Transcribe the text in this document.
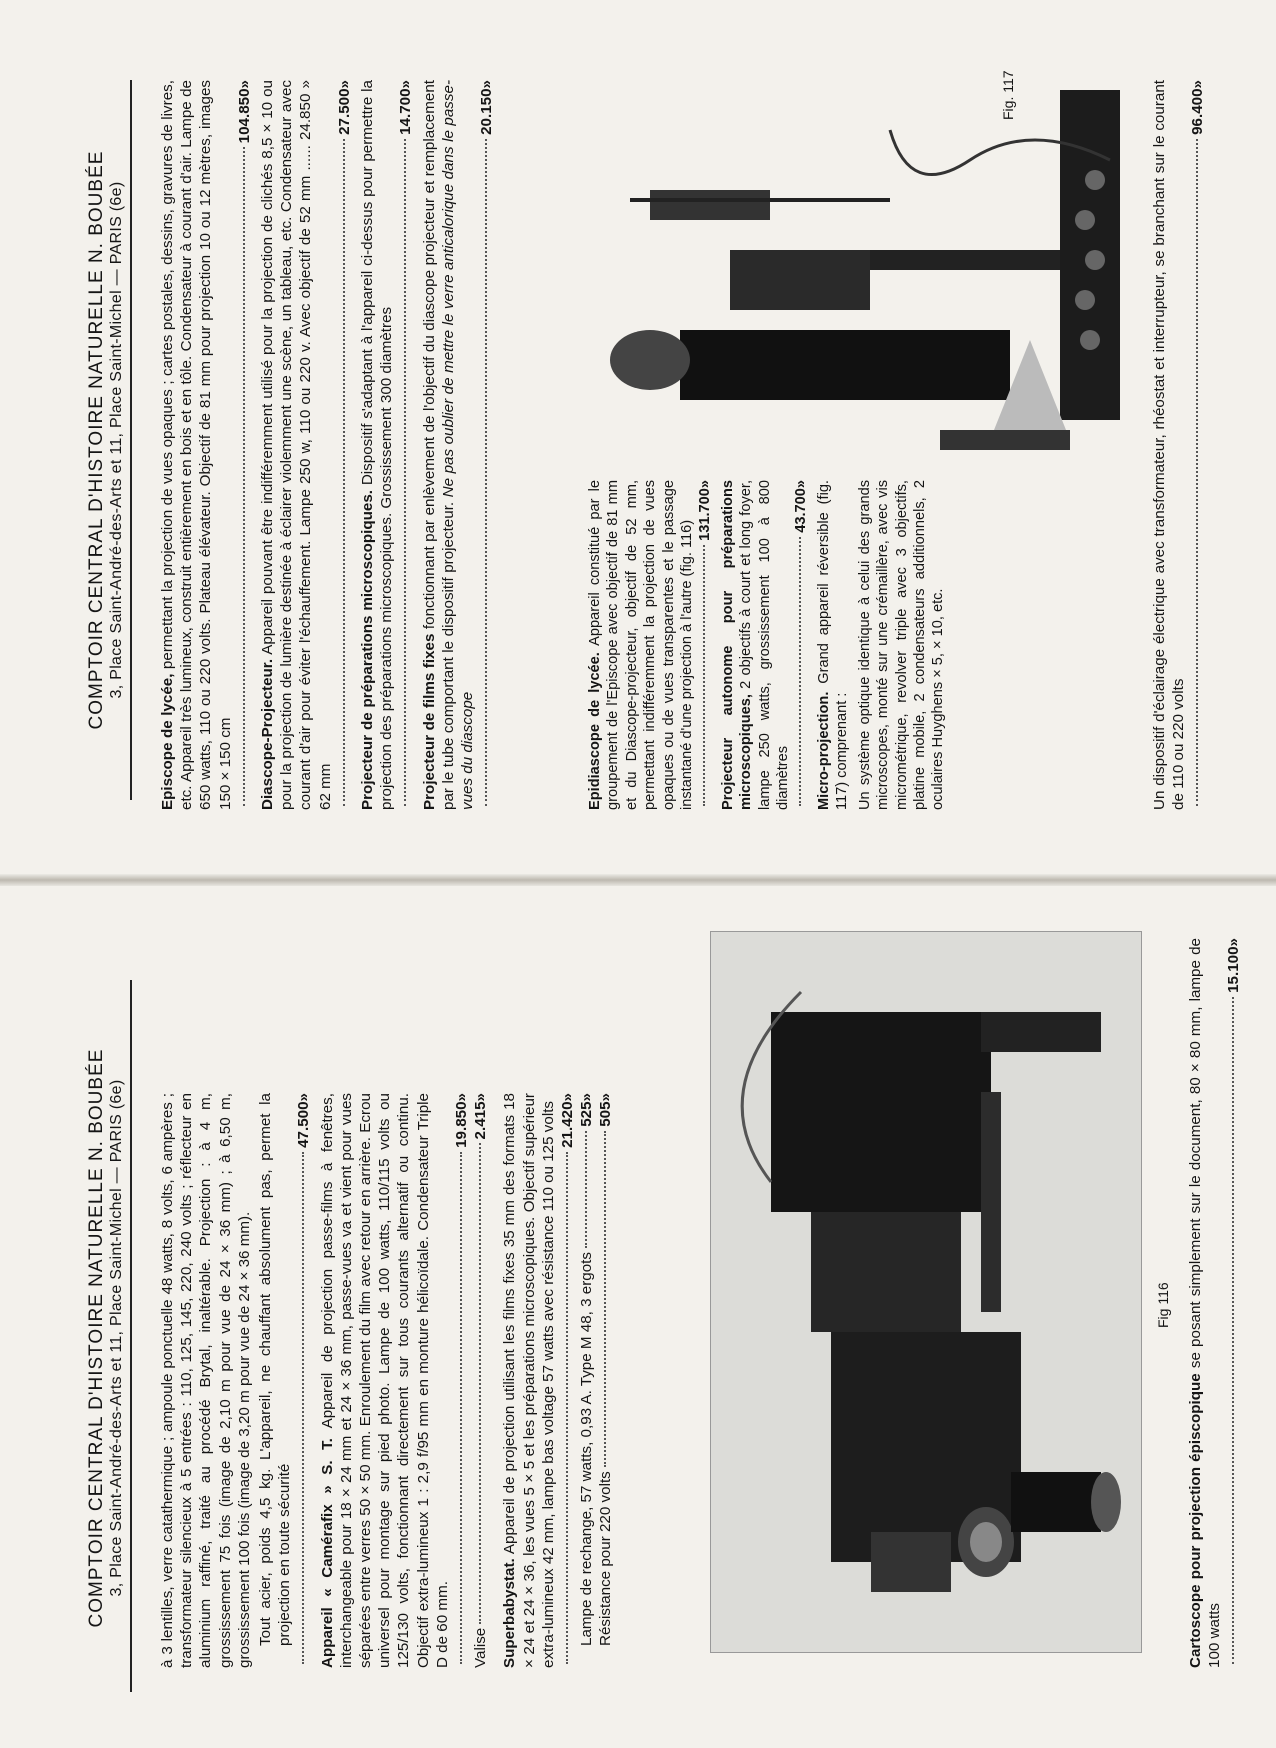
COMPTOIR CENTRAL D'HISTOIRE NATURELLE N. BOUBÉE 3, Place Saint-André-des-Arts et 11, Place Saint-Michel — PARIS (6e) à 3 lentilles, verre catathermique ; ampoule ponctuelle 48 watts, 8 volts, 6 ampères ; transformateur silencieux à 5 entrées : 110, 125, 145, 220, 240 volts ; réflecteur en aluminium raffiné, traité au procédé Brytal, inaltérable. Projection : à 4 m, grossissement 75 fois (image de 2,10 m pour vue de 24 × 36 mm) ; à 6,50 m, grossissement 100 fois (image de 3,20 m pour vue de 24 × 36 mm). Tout acier, poids 4,5 kg. L'appareil, ne chauffant absolument pas, permet la projection en toute sécurité

47.500
»

Appareil « Camérafix » S. T. Appareil de projection passe-films à fenêtres, interchangeable pour 18 × 24 mm et 24 × 36 mm, passe-vues va et vient pour vues séparées entre verres 50 × 50 mm. Enroulement du film avec retour en arrière. Ecrou universel pour montage sur pied photo. Lampe de 100 watts, 110/115 volts ou 125/130 volts, fonctionnant directement sur tous courants alternatif ou continu. Objectif extra-lumineux 1 : 2,9 f/95 mm en monture hélicoïdale. Condensateur Triple D de 60 mm.

19.850
»
Valise
2.415
»

Superbabystat. Appareil de projection utilisant les films fixes 35 mm des formats 18 × 24 et 24 × 36, les vues 5 × 5 et les préparations microscopiques. Objectif supérieur extra-lumineux 42 mm, lampe bas voltage 57 watts avec résistance 110 ou 125 volts 21.420
»
Lampe de rechange, 57 watts, 0,93 A. Type M 48, 3 ergots
525
»
Résistance pour 220 volts
505
»
Fig 116

Cartoscope pour projection épiscopique se posant simplement sur le document, 80 × 80 mm, lampe de 100 watts

15.100
»
COMPTOIR CENTRAL D'HISTOIRE NATURELLE N. BOUBÉE 3, Place Saint-André-des-Arts et 11, Place Saint-Michel — PARIS (6e)

Episcope de lycée, permettant la projection de vues opaques ; cartes postales, dessins, gravures de livres, etc. Appareil très lumineux, construit entièrement en bois et en tôle. Condensateur à courant d'air. Lampe de 650 watts, 110 ou 220 volts. Plateau élévateur. Objectif de 81 mm pour projection 10 ou 12 mètres, images 150 × 150 cm

104.850
»

Diascope-Projecteur. Appareil pouvant être indifféremment utilisé pour la projection de clichés 8,5 × 10 ou pour la projection de lumière destinée à éclairer violemment une scène, un tableau, etc. Condensateur avec courant d'air pour éviter l'échauffement. Lampe 250 w, 110 ou 220 v. Avec objectif de 52 mm ...... 24.850 » 62 mm

27.500
»

Projecteur de préparations microscopiques. Dispositif s'adaptant à l'appareil ci-dessus pour permettre la projection des préparations microscopiques. Grossissement 300 diamètres

14.700
»

Projecteur de films fixes fonctionnant par enlèvement de l'objectif du diascope projecteur et remplacement par le tube comportant le dispositif projecteur. Ne pas oublier de mettre le verre anticalorique dans le passe-vues du diascope

20.150
»

Epidiascope de lycée. Appareil constitué par le groupement de l'Episcope avec objectif de 81 mm et du Diascope-projecteur, objectif de 52 mm, permettant indifféremment la projection de vues opaques ou de vues transparentes et le passage instantané d'une projection à l'autre (fig. 116)

131.700
» Projecteur autonome pour préparations microscopiques, 2 objectifs à court et long foyer, lampe 250 watts, grossissement 100 à 800 diamètres

43.700
»

Micro-projection. Grand appareil réversible (fig. 117) comprenant : Un système optique identique à celui des grands microscopes, monté sur une crémaillère, avec vis micrométrique, revolver triple avec 3 objectifs, platine mobile, 2 condensateurs additionnels, 2 oculaires Huyghens × 5, × 10, etc.

Fig. 117	Un dispositif d'éclairage électrique avec transformateur, rhéostat et interrupteur, se branchant sur le courant de 110 ou 220 volts

96.400
»
